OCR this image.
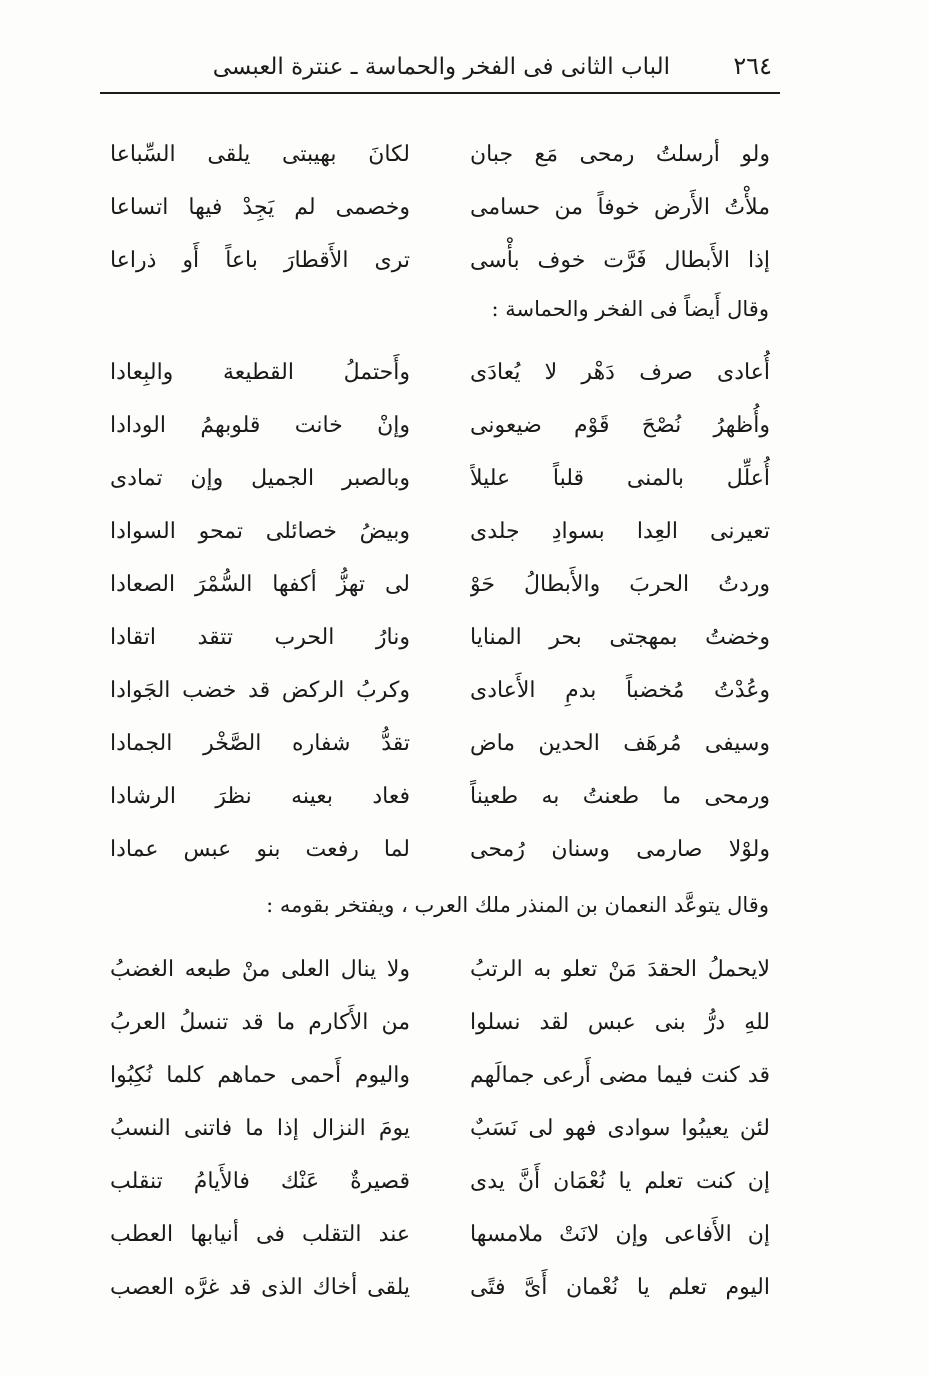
٢٦٤
الباب الثانى فى الفخر والحماسة ـ عنترة العبسى
ولو أرسلتُ رمحى مَع جبان
لكانَ بهيبتى يلقى السِّباعا
ملأْتُ الأَرض خوفاً من حسامى
وخصمى لم يَجِدْ فيها اتساعا
إذا الأَبطال فَرَّت خوف بأْسى
ترى الأَقطارَ باعاً أَو ذراعا
وقال أَيضاً فى الفخر والحماسة :
أُعادى صرف دَهْر لا يُعادَى
وأَحتملُ القطيعة والبِعادا
وأُظهرُ نُصْحَ قَوْم ضيعونى
وإنْ خانت قلوبهمُ الودادا
أُعلِّل بالمنى قلباً عليلاً
وبالصبر الجميل وإن تمادى
تعيرنى العِدا بسوادِ جلدى
وبيضُ خصائلى تمحو السوادا
وردتُ الحربَ والأَبطالُ حَوْ
لى تهزُّ أكفها السُّمْرَ الصعادا
وخضتُ بمهجتى بحر المنايا
ونارُ الحرب تتقد اتقادا
وعُدْتُ مُخضباً بدمِ الأَعادى
وكربُ الركض قد خضب الجَوادا
وسيفى مُرهَف الحدين ماض
تقدُّ شفاره الصَّخْر الجمادا
ورمحى ما طعنتُ به طعيناً
فعاد بعينه نظرَ الرشادا
ولوْلا صارمى وسنان رُمحى
لما رفعت بنو عبس عمادا
وقال يتوعَّد النعمان بن المنذر ملك العرب ، ويفتخر بقومه :
لايحملُ الحقدَ مَنْ تعلو به الرتبُ
ولا ينال العلى منْ طبعه الغضبُ
للهِ درُّ بنى عبس لقد نسلوا
من الأَكارم ما قد تنسلُ العربُ
قد كنت فيما مضى أَرعى جمالَهم
واليوم أَحمى حماهم كلما نُكِبُوا
لئن يعيبُوا سوادى فهو لى نَسَبٌ
يومَ النزال إذا ما فاتنى النسبُ
إن كنت تعلم يا نُعْمَان أَنَّ يدى
قصيرةٌ عَنْك فالأَيامُ تنقلب
إن الأَفاعى وإن لانَتْ ملامسها
عند التقلب فى أنيابها العطب
اليوم تعلم يا نُعْمان أَىَّ فتًى
يلقى أخاك الذى قد غرَّه العصب
